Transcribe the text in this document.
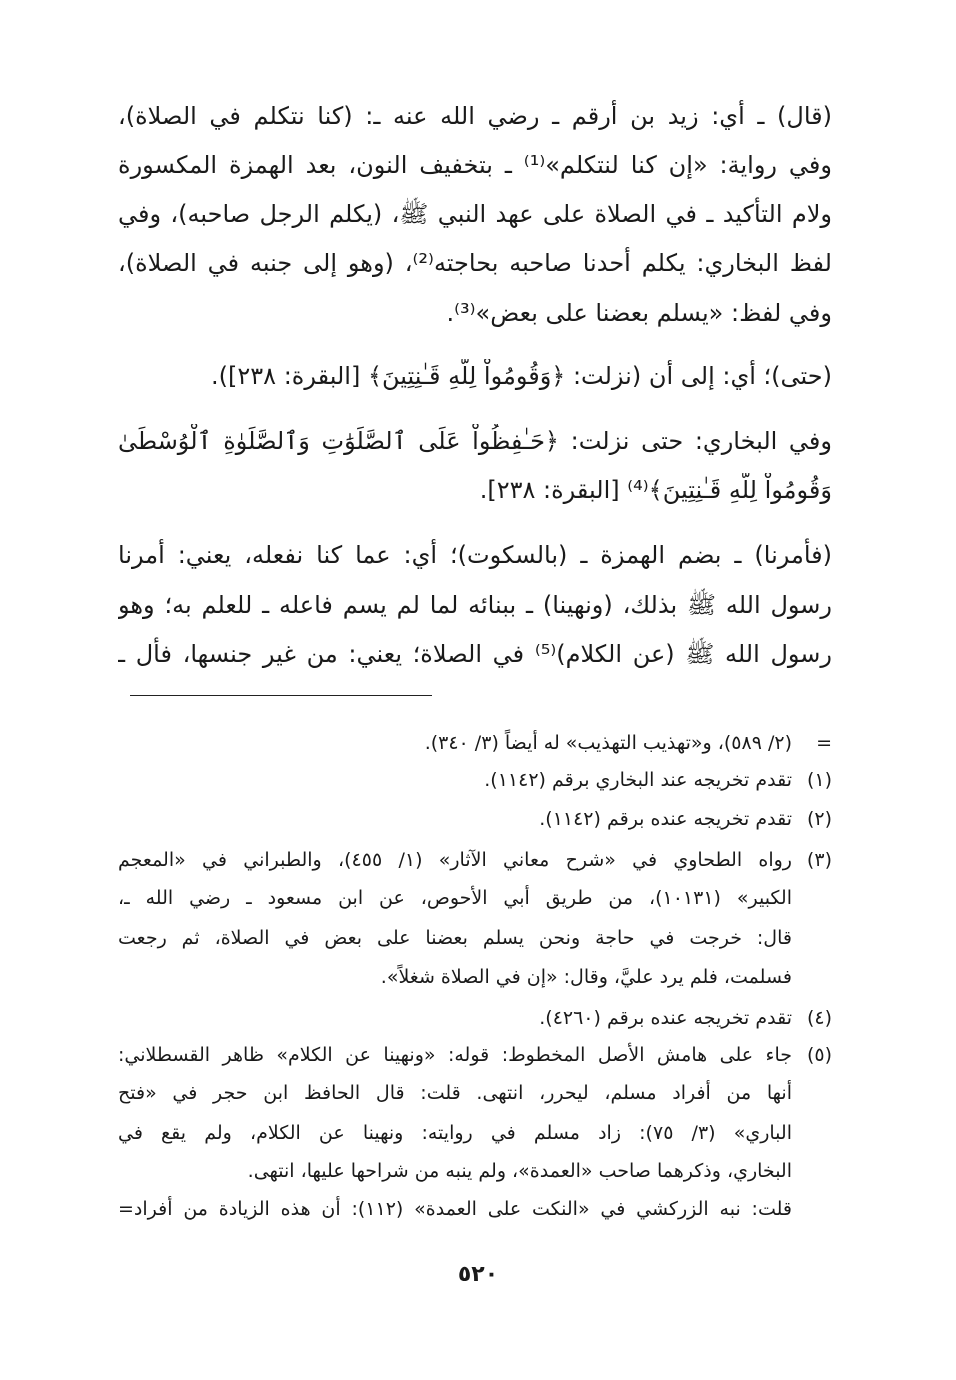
(قال) ـ أي: زيد بن أرقم ـ رضي الله عنه ـ: (كنا نتكلم في الصلاة)،
وفي رواية: «إن كنا لنتكلم»⁽¹⁾ ـ بتخفيف النون، بعد الهمزة المكسورة
ولام التأكيد ـ في الصلاة على عهد النبي ﷺ، (يكلم الرجل صاحبه)، وفي
لفظ البخاري: يكلم أحدنا صاحبه بحاجته⁽²⁾، (وهو إلى جنبه في الصلاة)،
وفي لفظ: «يسلم بعضنا على بعض»⁽³⁾.
(حتى)؛ أي: إلى أن (نزلت: ﴿وَقُومُواْ لِلَّهِ قَـٰنِتِينَ﴾ [البقرة: ٢٣٨]).
وفي البخاري: حتى نزلت: ﴿حَـٰفِظُواْ عَلَى ٱلصَّلَوَٰتِ وَٱلصَّلَوٰةِ ٱلْوُسْطَىٰ
وَقُومُواْ لِلَّهِ قَـٰنِتِينَ﴾⁽⁴⁾ [البقرة: ٢٣٨].
(فأمرنا) ـ بضم الهمزة ـ (بالسكوت)؛ أي: عما كنا نفعله، يعني: أمرنا
رسول الله ﷺ بذلك، (ونهينا) ـ ببنائه لما لم يسم فاعله ـ للعلم به؛ وهو
رسول الله ﷺ (عن الكلام)⁽⁵⁾ في الصلاة؛ يعني: من غير جنسها، فأل ـ
=(٢/ ٥٨٩)، و«تهذيب التهذيب» له أيضاً (٣/ ٣٤٠).
(١)تقدم تخريجه عند البخاري برقم (١١٤٢).
(٢)تقدم تخريجه عنده برقم (١١٤٢).
(٣)رواه الطحاوي في «شرح معاني الآثار» (١/ ٤٥٥)، والطبراني في «المعجم
الكبير» (١٠١٣١)، من طريق أبي الأحوص، عن ابن مسعود ـ رضي الله ـ،
قال: خرجت في حاجة ونحن يسلم بعضنا على بعض في الصلاة، ثم رجعت
فسلمت، فلم يرد عليَّ، وقال: «إن في الصلاة شغلاً».
(٤)تقدم تخريجه عنده برقم (٤٢٦٠).
(٥)جاء على هامش الأصل المخطوط: قوله: «ونهينا عن الكلام» ظاهر القسطلاني:
أنها من أفراد مسلم، ليحرر، انتهى. قلت: قال الحافظ ابن حجر في «فتح
الباري» (٣/ ٧٥): زاد مسلم في روايته: ونهينا عن الكلام، ولم يقع في
البخاري، وذكرهما صاحب «العمدة»، ولم ينبه من شراحها عليها، انتهى.
قلت: نبه الزركشي في «النكت على العمدة» (١١٢): أن هذه الزيادة من أفراد=
٥٢٠
